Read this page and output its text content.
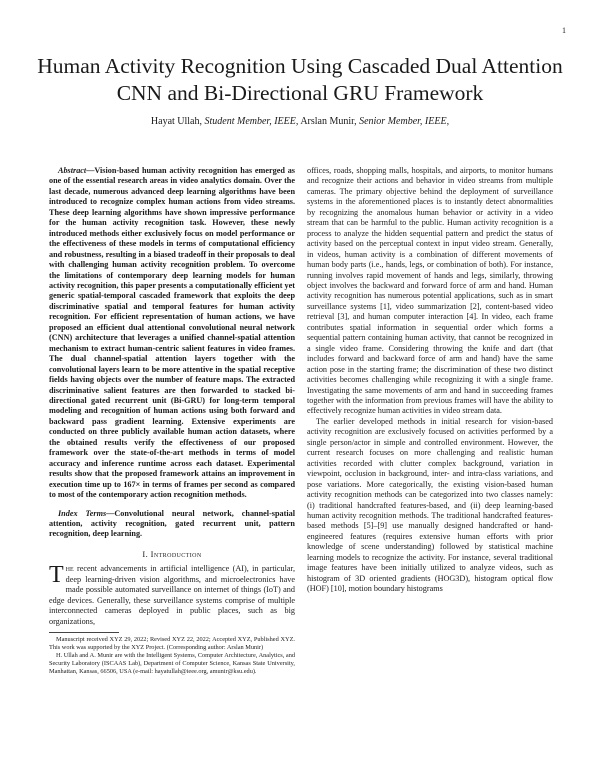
1
Human Activity Recognition Using Cascaded Dual Attention CNN and Bi-Directional GRU Framework
Hayat Ullah, Student Member, IEEE, Arslan Munir, Senior Member, IEEE,

Abstract—Vision-based human activity recognition has emerged as one of the essential research areas in video analytics domain. Over the last decade, numerous advanced deep learning algorithms have been introduced to recognize complex human actions from video streams. These deep learning algorithms have shown impressive performance for the human activity recognition task. However, these newly introduced methods either exclusively focus on model performance or the effectiveness of these models in terms of computational efficiency and robustness, resulting in a biased tradeoff in their proposals to deal with challenging human activity recognition problem. To overcome the limitations of contemporary deep learning models for human activity recognition, this paper presents a computationally efficient yet generic spatial-temporal cascaded framework that exploits the deep discriminative spatial and temporal features for human activity recognition. For efficient representation of human actions, we have proposed an efficient dual attentional convolutional neural network (CNN) architecture that leverages a unified channel-spatial attention mechanism to extract human-centric salient features in video frames. The dual channel-spatial attention layers together with the convolutional layers learn to be more attentive in the spatial receptive fields having objects over the number of feature maps. The extracted discriminative salient features are then forwarded to stacked bi-directional gated recurrent unit (Bi-GRU) for long-term temporal modeling and recognition of human actions using both forward and backward pass gradient learning. Extensive experiments are conducted on three publicly available human action datasets, where the obtained results verify the effectiveness of our proposed framework over the state-of-the-art methods in terms of model accuracy and inference runtime across each dataset. Experimental results show that the proposed framework attains an improvement in execution time up to 167× in terms of frames per second as compared to most of the contemporary action recognition methods.

Index Terms—Convolutional neural network, channel-spatial attention, activity recognition, gated recurrent unit, pattern recognition, deep learning.

I. Introduction

The recent advancements in artificial intelligence (AI), in particular, deep learning-driven vision algorithms, and microelectronics have made possible automated surveillance on internet of things (IoT) and edge devices. Generally, these surveillance systems comprise of multiple interconnected cameras deployed in public places, such as big organizations,

Manuscript received XYZ 29, 2022; Revised XYZ 22, 2022; Accepted XYZ, Published XYZ. This work was supported by the XYZ Project. (Corresponding author: Arslan Munir)

H. Ullah and A. Munir are with the Intelligent Systems, Computer Architecture, Analytics, and Security Laboratory (ISCAAS Lab), Department of Computer Science, Kansas State University, Manhattan, Kansas, 66506, USA (e-mail: hayatullah@ieee.org, amunir@ksu.edu).

offices, roads, shopping malls, hospitals, and airports, to monitor humans and recognize their actions and behavior in video streams from multiple cameras. The primary objective behind the deployment of surveillance systems in the aforementioned places is to instantly detect abnormalities by recognizing the anomalous human behavior or activity in a video stream that can be harmful to the public. Human activity recognition is a process to analyze the hidden sequential pattern and predict the status of activity based on the perceptual context in input video stream. Generally, in videos, human activity is a combination of different movements of human body parts (i.e., hands, legs, or combination of both). For instance, running involves rapid movement of hands and legs, similarly, throwing object involves the backward and forward force of arm and hand. Human activity recognition has numerous potential applications, such as in smart surveillance systems [1], video summarization [2], content-based video retrieval [3], and human computer interaction [4]. In video, each frame contributes spatial information in sequential order which forms a sequential pattern containing human activity, that cannot be recognized in a single video frame. Considering throwing the knife and dart (that includes forward and backward force of arm and hand) have the same action pose in the starting frame; the discrimination of these two distinct activities becomes challenging while recognizing it with a single frame. Investigating the same movements of arm and hand in succeeding frames together with the information from previous frames will have the ability to effectively recognize human activities in video stream data.

The earlier developed methods in initial research for vision-based activity recognition are exclusively focused on activities performed by a single person/actor in simple and controlled environment. However, the current research focuses on more challenging and realistic human activities recorded with clutter complex background, variation in viewpoint, occlusion in background, inter- and intra-class variations, and pose variations. More categorically, the existing vision-based human activity recognition methods can be categorized into two classes namely: (i) traditional handcrafted features-based, and (ii) deep learning-based human activity recognition methods. The traditional handcrafted features-based methods [5]–[9] use manually designed handcrafted or hand-engineered features (requires extensive human efforts with prior knowledge of scene understanding) followed by statistical machine learning models to recognize the activity. For instance, several traditional image features have been initially utilized to analyze videos, such as histogram of 3D oriented gradients (HOG3D), histogram optical flow (HOF) [10], motion boundary histograms
